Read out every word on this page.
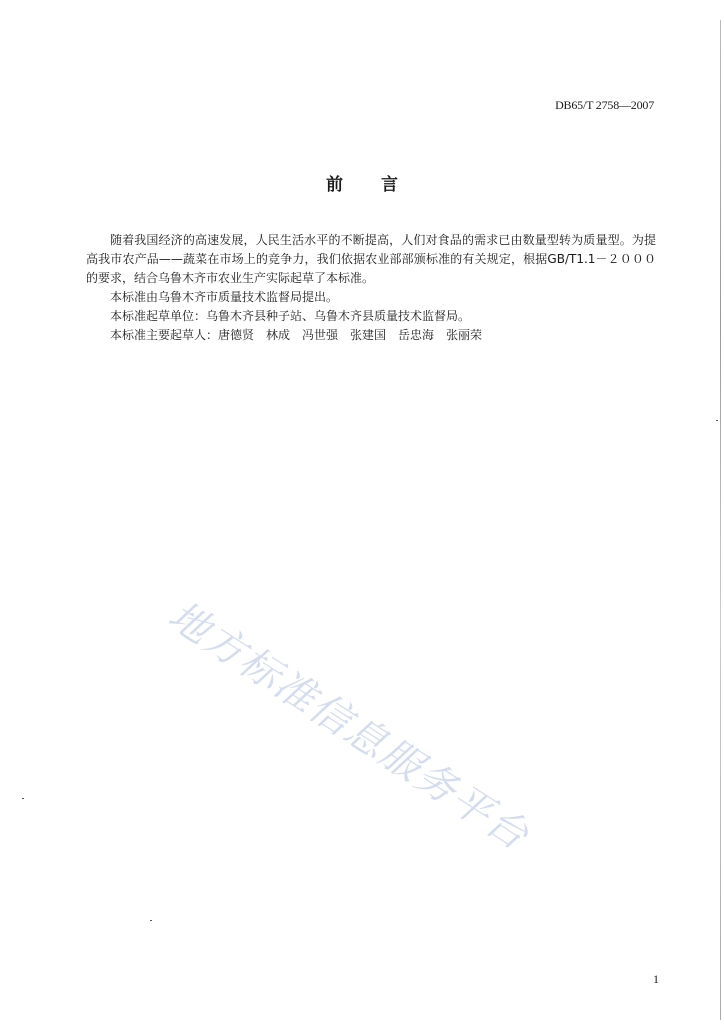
DB65/T 2758—2007
前言

随着我国经济的高速发展，人民生活水平的不断提高，人们对食品的需求已由数量型转为质量型。为提高我市农产品——蔬菜在市场上的竞争力，我们依据农业部部颁标准的有关规定，根据GB/T1.1－２０００的要求，结合乌鲁木齐市农业生产实际起草了本标准。

本标准由乌鲁木齐市质量技术监督局提出。

本标准起草单位：乌鲁木齐县种子站、乌鲁木齐县质量技术监督局。

本标准主要起草人：唐德贤　林成　冯世强　张建国　岳忠海　张丽荣

地方标准信息服务平台
1
